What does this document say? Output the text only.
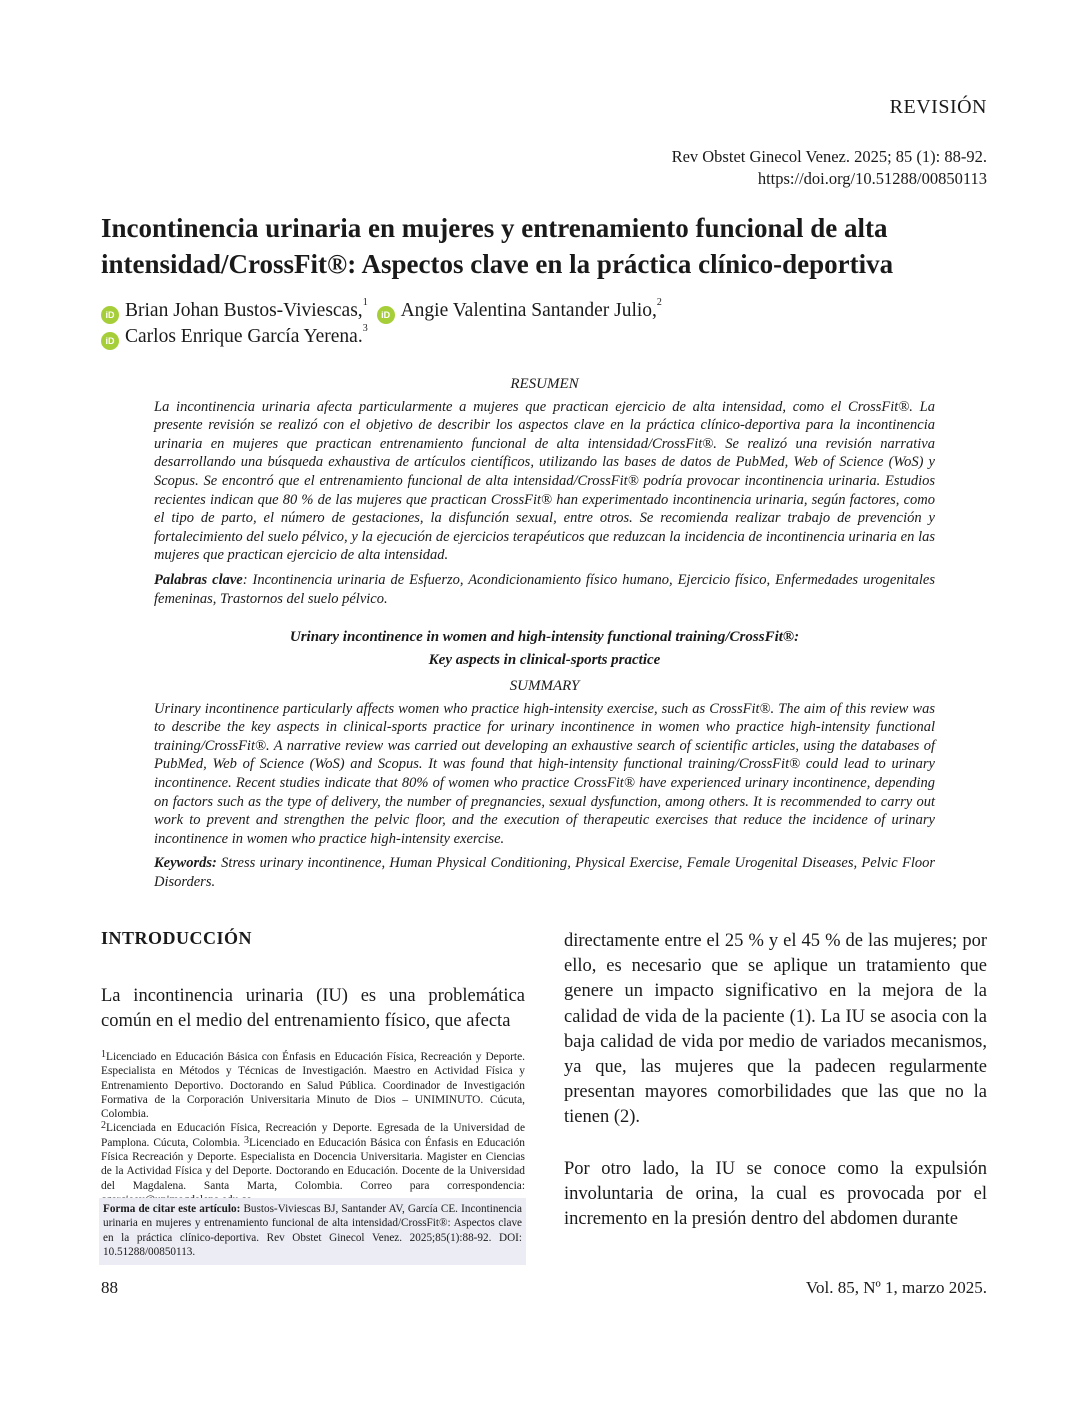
REVISIÓN
Rev Obstet Ginecol Venez. 2025; 85 (1): 88-92.
https://doi.org/10.51288/00850113
Incontinencia urinaria en mujeres y entrenamiento funcional de alta
intensidad/CrossFit®: Aspectos clave en la práctica clínico-deportiva
iD Brian Johan Bustos-Viviescas,$^1$ iD Angie Valentina Santander Julio,$^2$
iD Carlos Enrique García Yerena.$^3$
RESUMEN
La incontinencia urinaria afecta particularmente a mujeres que practican ejercicio de alta intensidad, como el CrossFit®. La presente revisión se realizó con el objetivo de describir los aspectos clave en la práctica clínico-deportiva para la incontinencia urinaria en mujeres que practican entrenamiento funcional de alta intensidad/CrossFit®. Se realizó una revisión narrativa desarrollando una búsqueda exhaustiva de artículos científicos, utilizando las bases de datos de PubMed, Web of Science (WoS) y Scopus. Se encontró que el entrenamiento funcional de alta intensidad/CrossFit® podría provocar incontinencia urinaria. Estudios recientes indican que 80 % de las mujeres que practican CrossFit® han experimentado incontinencia urinaria, según factores, como el tipo de parto, el número de gestaciones, la disfunción sexual, entre otros. Se recomienda realizar trabajo de prevención y fortalecimiento del suelo pélvico, y la ejecución de ejercicios terapéuticos que reduzcan la incidencia de incontinencia urinaria en las mujeres que practican ejercicio de alta intensidad.
Palabras clave: Incontinencia urinaria de Esfuerzo, Acondicionamiento físico humano, Ejercicio físico, Enfermedades urogenitales femeninas, Trastornos del suelo pélvico.
Urinary incontinence in women and high-intensity functional training/CrossFit®:
Key aspects in clinical-sports practice
SUMMARY
Urinary incontinence particularly affects women who practice high-intensity exercise, such as CrossFit®. The aim of this review was to describe the key aspects in clinical-sports practice for urinary incontinence in women who practice high-intensity functional training/CrossFit®. A narrative review was carried out developing an exhaustive search of scientific articles, using the databases of PubMed, Web of Science (WoS) and Scopus. It was found that high-intensity functional training/CrossFit® could lead to urinary incontinence. Recent studies indicate that 80% of women who practice CrossFit® have experienced urinary incontinence, depending on factors such as the type of delivery, the number of pregnancies, sexual dysfunction, among others. It is recommended to carry out work to prevent and strengthen the pelvic floor, and the execution of therapeutic exercises that reduce the incidence of urinary incontinence in women who practice high-intensity exercise.
Keywords: Stress urinary incontinence, Human Physical Conditioning, Physical Exercise, Female Urogenital Diseases, Pelvic Floor Disorders.
INTRODUCCIÓN

La incontinencia urinaria (IU) es una problemática común en el medio del entrenamiento físico, que afecta

$^1$Licenciado en Educación Básica con Énfasis en Educación Física, Recreación y Deporte. Especialista en Métodos y Técnicas de Investigación. Maestro en Actividad Física y Entrenamiento Deportivo. Doctorando en Salud Pública. Coordinador de Investigación Formativa de la Corporación Universitaria Minuto de Dios – UNIMINUTO. Cúcuta, Colombia.

$^2$Licenciada en Educación Física, Recreación y Deporte. Egresada de la Universidad de Pamplona. Cúcuta, Colombia. $^3$Licenciado en Educación Básica con Énfasis en Educación Física Recreación y Deporte. Especialista en Docencia Universitaria. Magister en Ciencias de la Actividad Física y del Deporte. Doctorando en Educación. Docente de la Universidad del Magdalena. Santa Marta, Colombia. Correo para correspondencia:

Forma de citar este artículo: Bustos-Viviescas BJ, Santander AV, García CE. Incontinencia urinaria en mujeres y entrenamiento funcional de alta intensidad/CrossFit®: Aspectos clave en la práctica clínico-deportiva. Rev Obstet Ginecol Venez. 2025;85(1):88-92. DOI: 10.51288/00850113.

directamente entre el 25 % y el 45 % de las mujeres; por ello, es necesario que se aplique un tratamiento que genere un impacto significativo en la mejora de la calidad de vida de la paciente (1). La IU se asocia con la baja calidad de vida por medio de variados mecanismos, ya que, las mujeres que la padecen regularmente presentan mayores comorbilidades que las que no la tienen (2).

Por otro lado, la IU se conoce como la expulsión involuntaria de orina, la cual es provocada por el incremento en la presión dentro del abdomen durante

88	Vol. 85, Nº 1, marzo 2025.
